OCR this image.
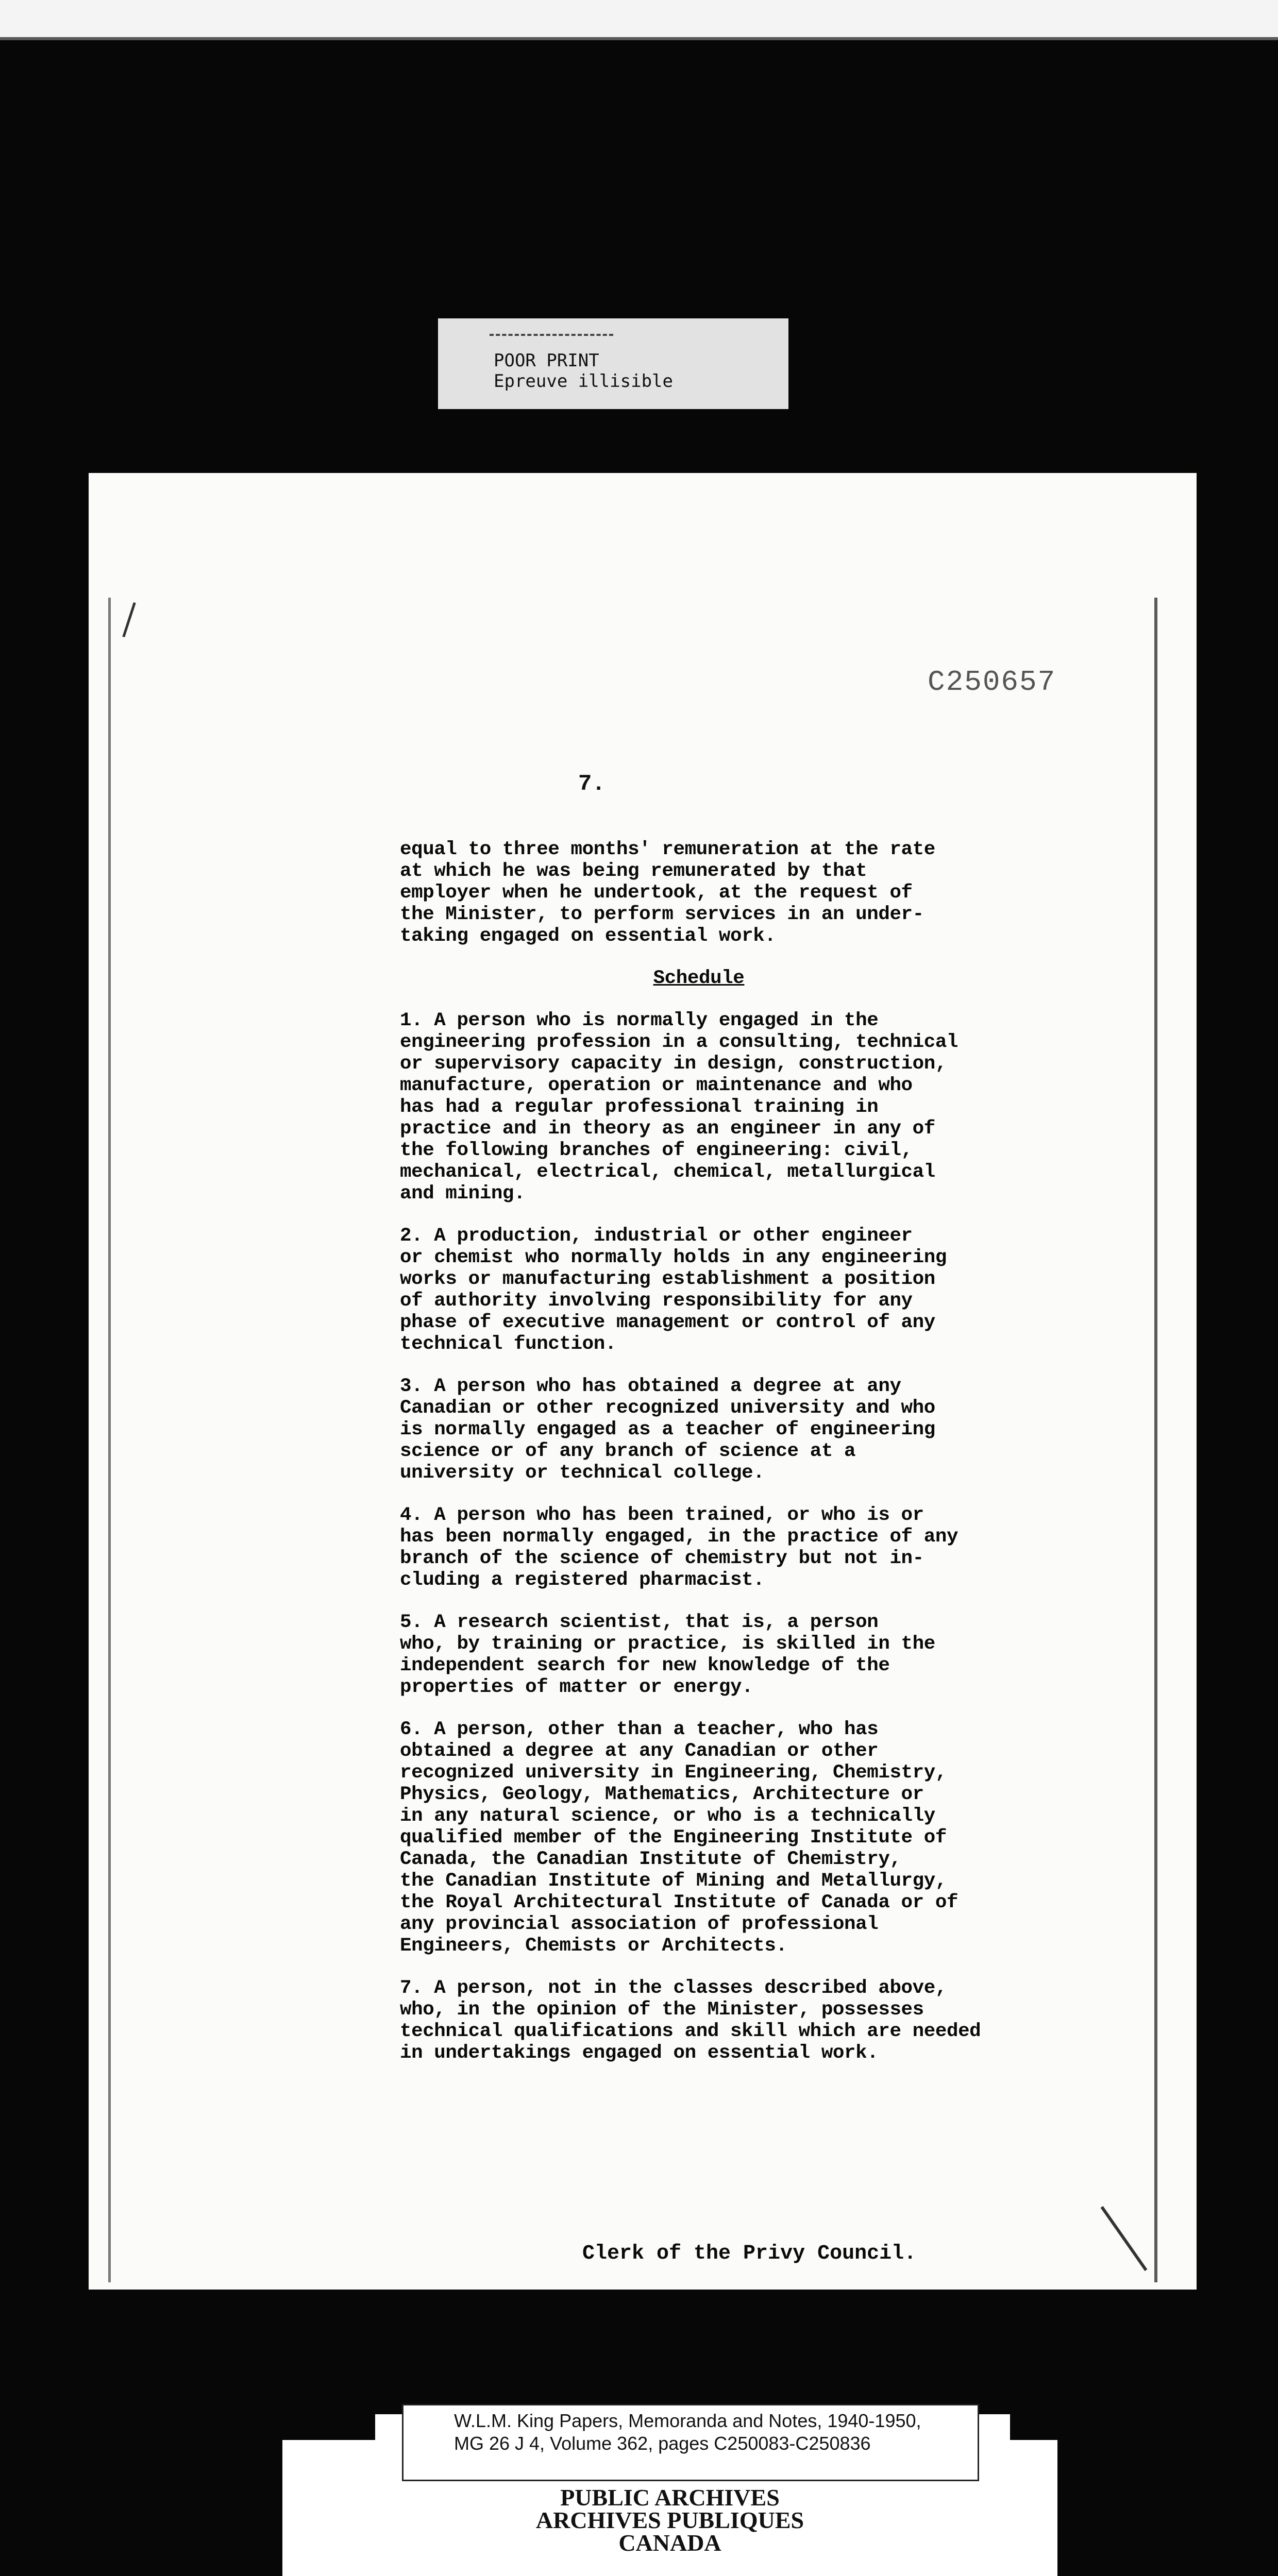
POOR PRINT
Epreuve illisible
C250657
7.

equal to three months' remuneration at the rate
at which he was being remunerated by that
employer when he undertook, at the request of
the Minister, to perform services in an under-
taking engaged on essential work.

Schedule
1. A person who is normally engaged in the
engineering profession in a consulting, technical
or supervisory capacity in design, construction,
manufacture, operation or maintenance and who
has had a regular professional training in
practice and in theory as an engineer in any of
the following branches of engineering: civil,
mechanical, electrical, chemical, metallurgical
and mining.
2. A production, industrial or other engineer
or chemist who normally holds in any engineering
works or manufacturing establishment a position
of authority involving responsibility for any
phase of executive management or control of any
technical function.
3. A person who has obtained a degree at any
Canadian or other recognized university and who
is normally engaged as a teacher of engineering
science or of any branch of science at a
university or technical college.
4. A person who has been trained, or who is or
has been normally engaged, in the practice of any
branch of the science of chemistry but not in-
cluding a registered pharmacist.
5. A research scientist, that is, a person
who, by training or practice, is skilled in the
independent search for new knowledge of the
properties of matter or energy.
6. A person, other than a teacher, who has
obtained a degree at any Canadian or other
recognized university in Engineering, Chemistry,
Physics, Geology, Mathematics, Architecture or
in any natural science, or who is a technically
qualified member of the Engineering Institute of
Canada, the Canadian Institute of Chemistry,
the Canadian Institute of Mining and Metallurgy,
the Royal Architectural Institute of Canada or of
any provincial association of professional
Engineers, Chemists or Architects.
7. A person, not in the classes described above,
who, in the opinion of the Minister, possesses
technical qualifications and skill which are needed
in undertakings engaged on essential work.
Clerk of the Privy Council.
W.L.M. King Papers, Memoranda and Notes, 1940-1950,
MG 26 J 4, Volume 362, pages C250083-C250836
PUBLIC ARCHIVES
ARCHIVES PUBLIQUES
CANADA
